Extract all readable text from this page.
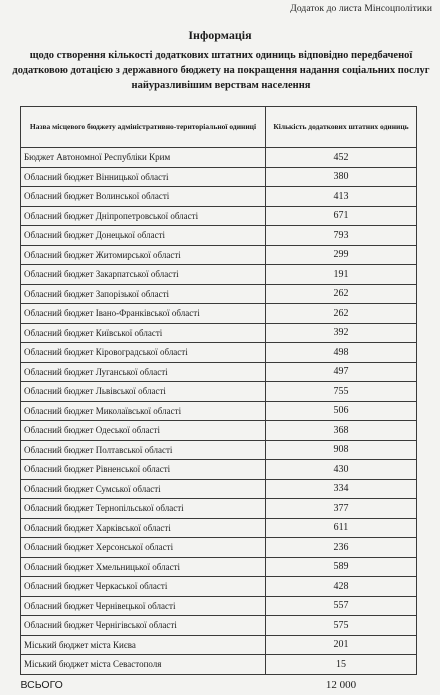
Додаток до листа Мінсоцполітики
Інформація
щодо створення кількості додаткових штатних одиниць відповідно передбаченої додатковою дотацією з державного бюджету на покращення надання соціальних послуг найуразливішим верствам населення
Назва місцевого бюджету адміністративно-територіальної одиниці	Кількість додаткових штатних одиниць
Бюджет Автономної Республіки Крим	452
Обласний бюджет Вінницької області	380
Обласний бюджет Волинської області	413
Обласний бюджет Дніпропетровської області	671
Обласний бюджет Донецької області	793
Обласний бюджет Житомирської області	299
Обласний бюджет Закарпатської області	191
Обласний бюджет Запорізької області	262
Обласний бюджет Івано-Франківської області	262
Обласний бюджет Київської області	392
Обласний бюджет Кіровоградської області	498
Обласний бюджет Луганської області	497
Обласний бюджет Львівської області	755
Обласний бюджет Миколаївської області	506
Обласний бюджет Одеської області	368
Обласний бюджет Полтавської області	908
Обласний бюджет Рівненської області	430
Обласний бюджет Сумської області	334
Обласний бюджет Тернопільської області	377
Обласний бюджет Харківської області	611
Обласний бюджет Херсонської області	236
Обласний бюджет Хмельницької області	589
Обласний бюджет Черкаської області	428
Обласний бюджет Чернівецької області	557
Обласний бюджет Чернігівської області	575
Міський бюджет міста Києва	201
Міський бюджет міста Севастополя	15
ВСЬОГО	12 000
